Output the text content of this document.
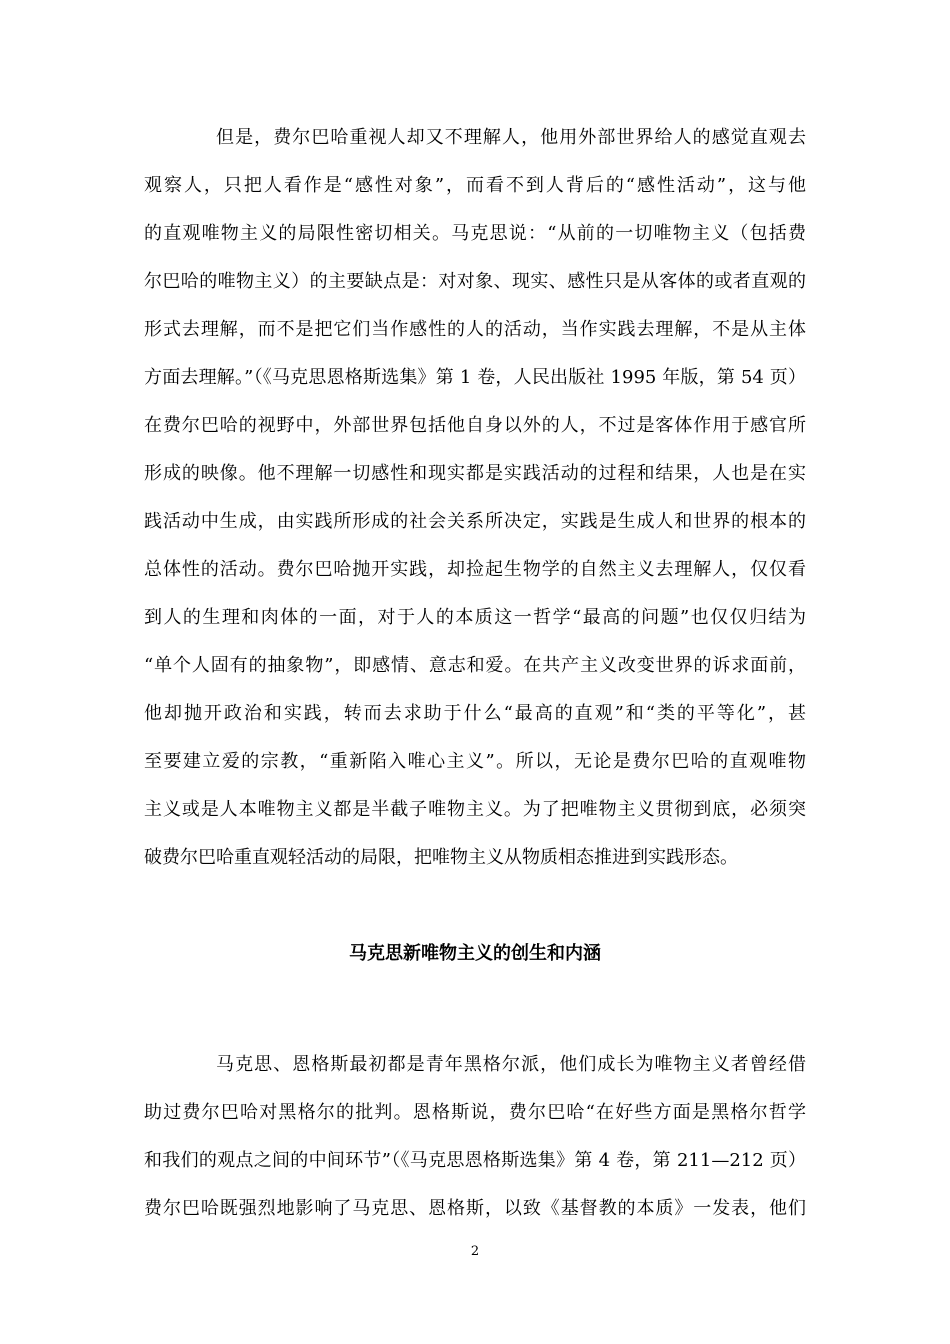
但是，费尔巴哈重视人却又不理解人，他用外部世界给人的感觉直观去
观察人，只把人看作是“感性对象”，而看不到人背后的“感性活动”，这与他
的直观唯物主义的局限性密切相关。马克思说：“从前的一切唯物主义（包括费
尔巴哈的唯物主义）的主要缺点是：对对象、现实、感性只是从客体的或者直观的
形式去理解，而不是把它们当作感性的人的活动，当作实践去理解，不是从主体
方面去理解。”（《马克思恩格斯选集》第 1 卷，人民出版社 1995 年版，第 54 页）
在费尔巴哈的视野中，外部世界包括他自身以外的人，不过是客体作用于感官所
形成的映像。他不理解一切感性和现实都是实践活动的过程和结果，人也是在实
践活动中生成，由实践所形成的社会关系所决定，实践是生成人和世界的根本的
总体性的活动。费尔巴哈抛开实践，却捡起生物学的自然主义去理解人，仅仅看
到人的生理和肉体的一面，对于人的本质这一哲学“最高的问题”也仅仅归结为
“单个人固有的抽象物”，即感情、意志和爱。在共产主义改变世界的诉求面前，
他却抛开政治和实践，转而去求助于什么“最高的直观”和“类的平等化”，甚
至要建立爱的宗教，“重新陷入唯心主义”。所以，无论是费尔巴哈的直观唯物
主义或是人本唯物主义都是半截子唯物主义。为了把唯物主义贯彻到底，必须突
破费尔巴哈重直观轻活动的局限，把唯物主义从物质相态推进到实践形态。
马克思新唯物主义的创生和内涵
马克思、恩格斯最初都是青年黑格尔派，他们成长为唯物主义者曾经借
助过费尔巴哈对黑格尔的批判。恩格斯说，费尔巴哈“在好些方面是黑格尔哲学
和我们的观点之间的中间环节”（《马克思恩格斯选集》第 4 卷，第 211—212 页）
费尔巴哈既强烈地影响了马克思、恩格斯，以致《基督教的本质》一发表，他们
2
